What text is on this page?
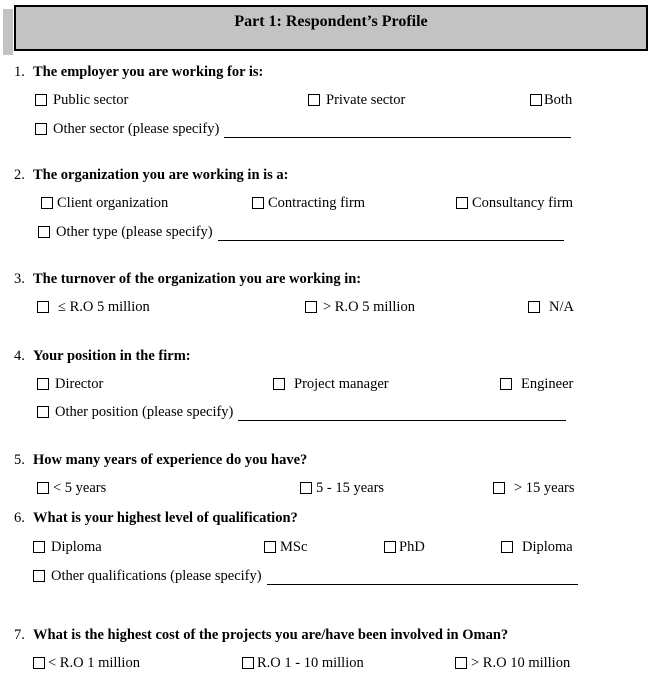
Part 1: Respondent’s Profile
1. The employer you are working for is:
Public sector	Private sector	Both
Other sector (please specify)
2. The organization you are working in is a:
Client organization	Contracting firm	Consultancy firm
Other type (please specify)
3. The turnover of the organization you are working in:
≤ R.O 5 million	> R.O 5 million	N/A
4. Your position in the firm:
Director	Project manager	Engineer
Other position (please specify)
5. How many years of experience do you have?
< 5 years	5 - 15 years	> 15 years
6. What is your highest level of qualification?
Diploma	MSc	PhD	Diploma
Other qualifications (please specify)
7. What is the highest cost of the projects you are/have been involved in Oman?
< R.O 1 million	R.O 1 - 10 million	> R.O 10 million
